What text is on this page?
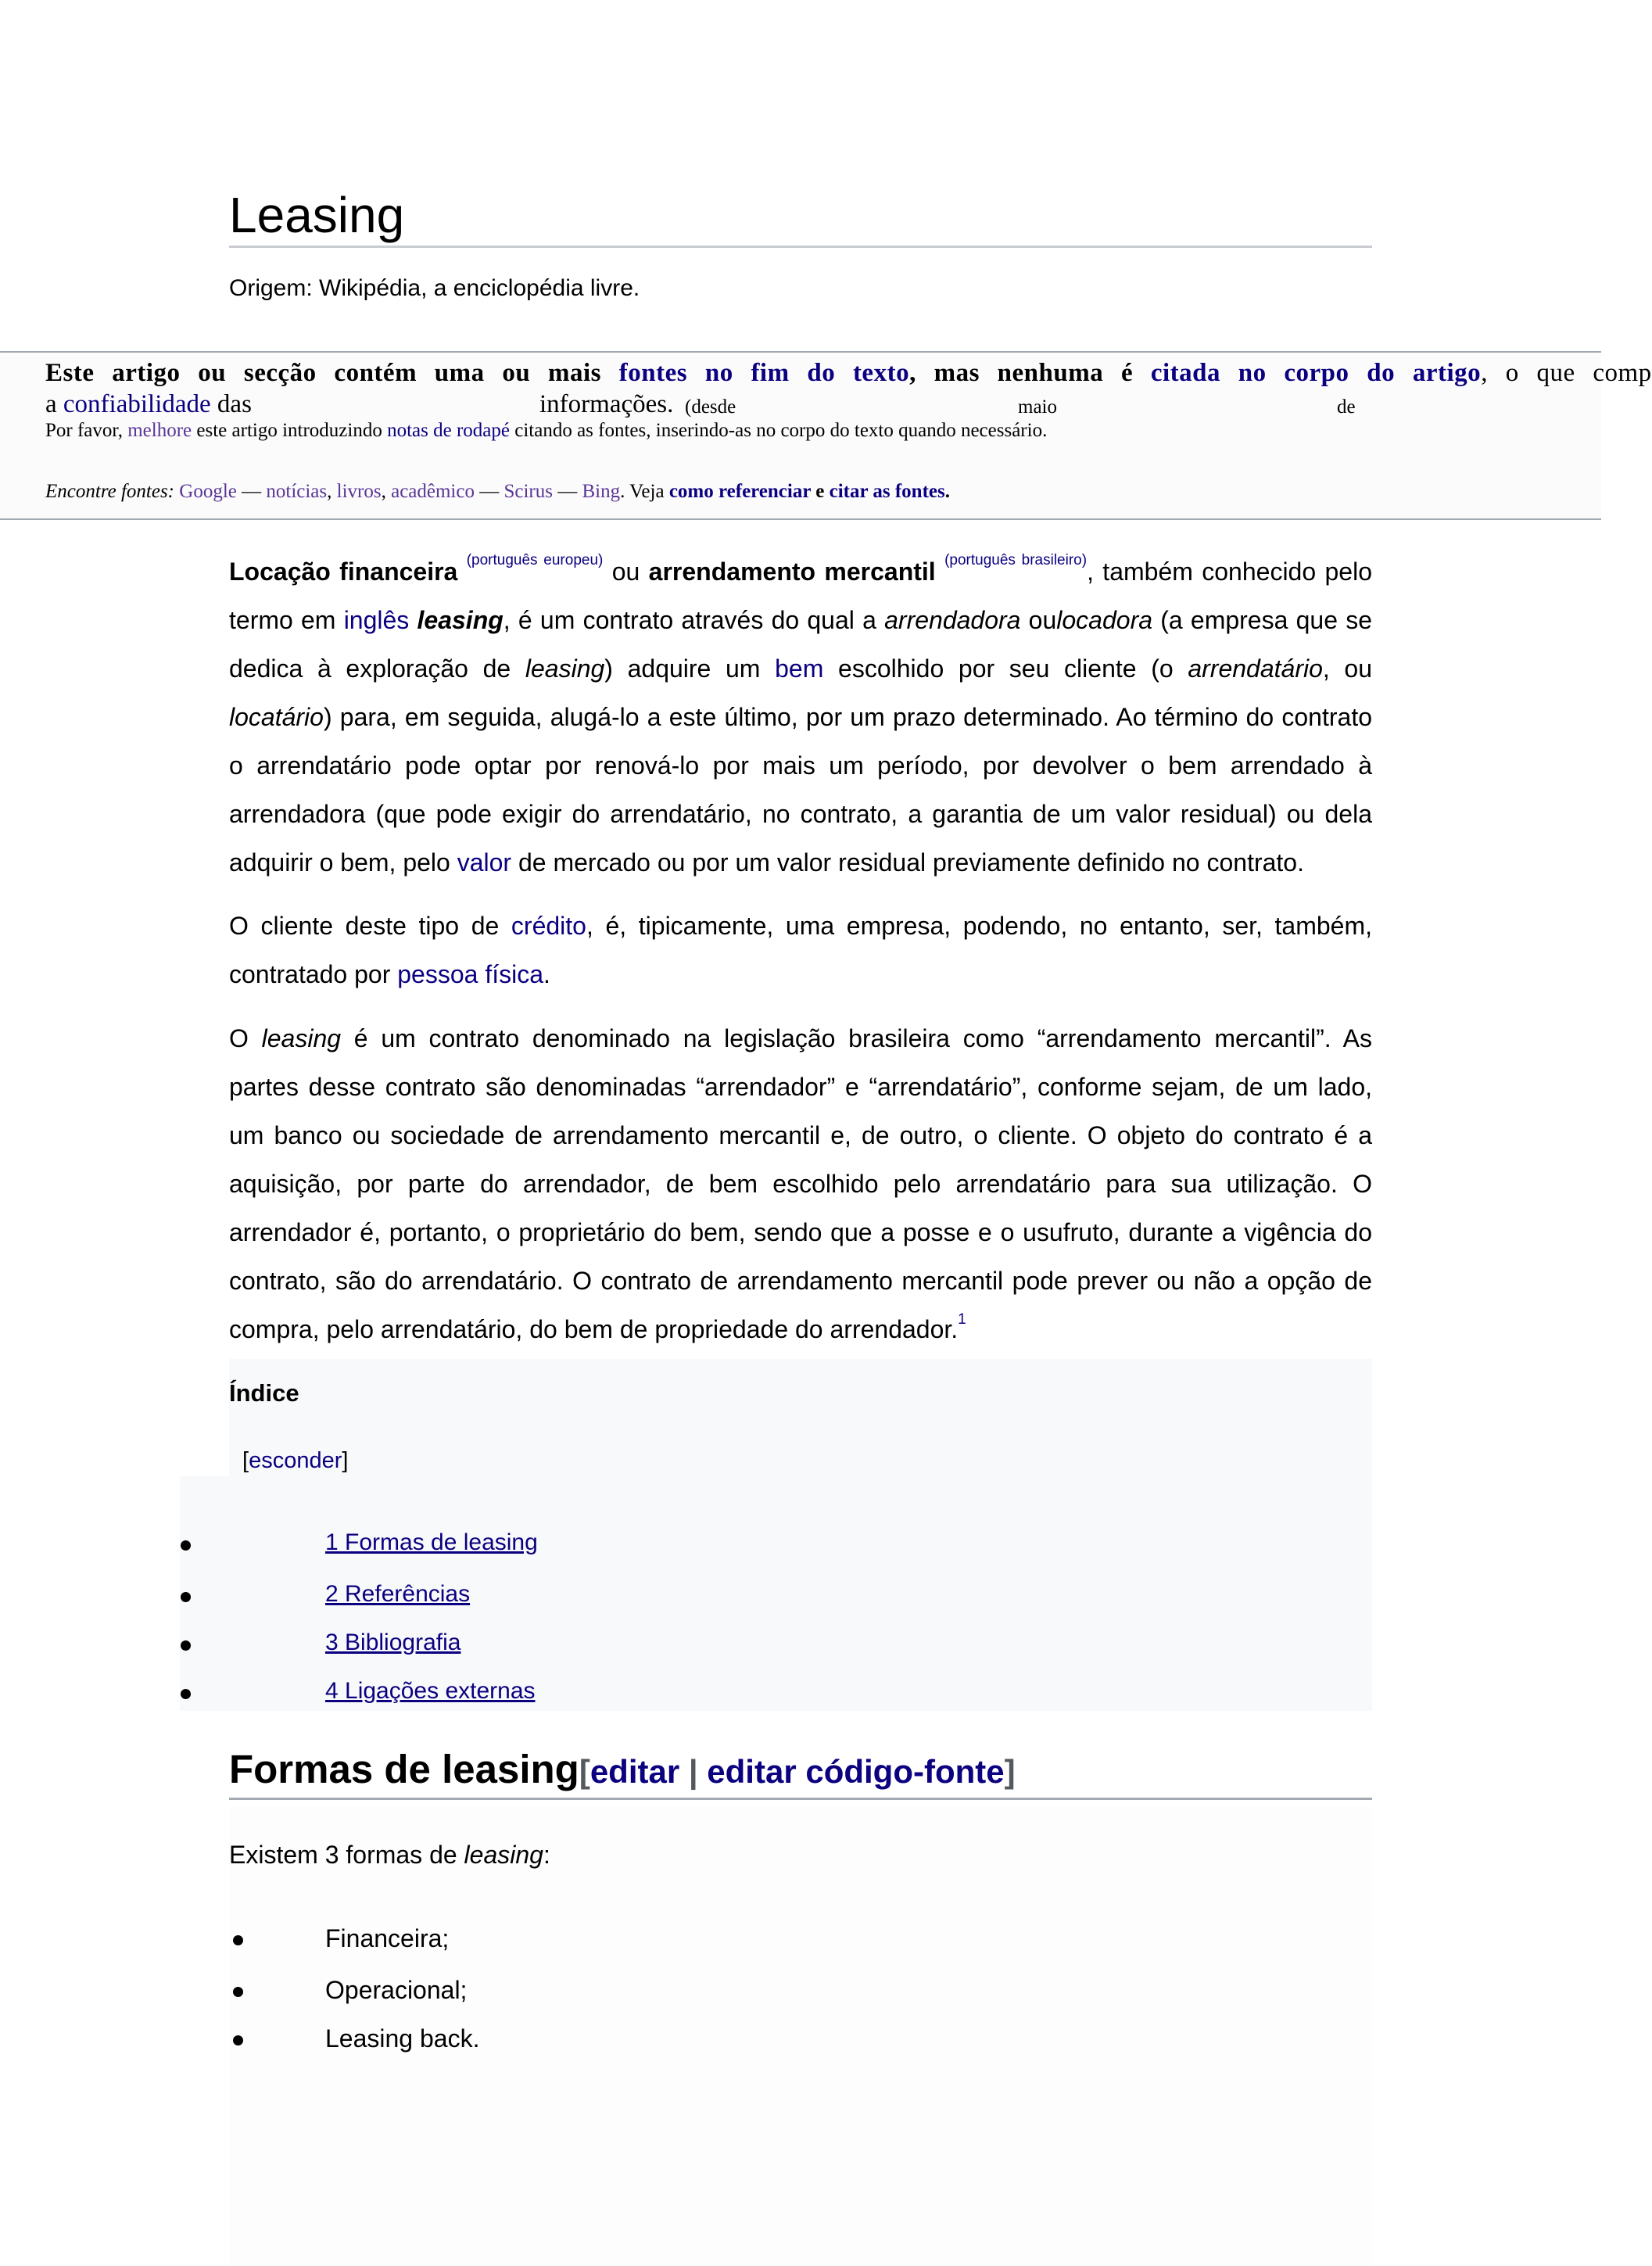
Leasing
Origem: Wikipédia, a enciclopédia livre.
Este artigo ou secção contém uma ou mais fontes no fim do texto, mas nenhuma é citada no corpo do artigo, o que comp
a confiabilidade das	informações. (desde	maio	de
Por favor, melhore este artigo introduzindo notas de rodapé citando as fontes, inserindo-as no corpo do texto quando necessário.
Encontre fontes: Google — notícias, livros, acadêmico — Scirus — Bing. Veja como referenciar e citar as fontes.

Locação financeira $^{(português europeu)}$ ou arrendamento mercantil $^{(português brasileiro)}$, também conhecido pelo termo em inglês leasing, é um contrato através do qual a arrendadora oulocadora (a empresa que se dedica à exploração de leasing) adquire um bem escolhido por seu cliente (o arrendatário, ou locatário) para, em seguida, alugá-lo a este último, por um prazo determinado. Ao término do contrato o arrendatário pode optar por renová-lo por mais um período, por devolver o bem arrendado à arrendadora (que pode exigir do arrendatário, no contrato, a garantia de um valor residual) ou dela adquirir o bem, pelo valor de mercado ou por um valor residual previamente definido no contrato.

O cliente deste tipo de crédito, é, tipicamente, uma empresa, podendo, no entanto, ser, também, contratado por pessoa física.

O leasing é um contrato denominado na legislação brasileira como “arrendamento mercantil”. As partes desse contrato são denominadas “arrendador” e “arrendatário”, conforme sejam, de um lado, um banco ou sociedade de arrendamento mercantil e, de outro, o cliente. O objeto do contrato é a aquisição, por parte do arrendador, de bem escolhido pelo arrendatário para sua utilização. O arrendador é, portanto, o proprietário do bem, sendo que a posse e o usufruto, durante a vigência do contrato, são do arrendatário. O contrato de arrendamento mercantil pode prever ou não a opção de compra, pelo arrendatário, do bem de propriedade do arrendador.$^1$

Índice
[esconder]
1 Formas de leasing
2 Referências
3 Bibliografia
4 Ligações externas
Formas de leasing[editar | editar código-fonte]
Existem 3 formas de leasing:
Financeira;
Operacional;
Leasing back.
